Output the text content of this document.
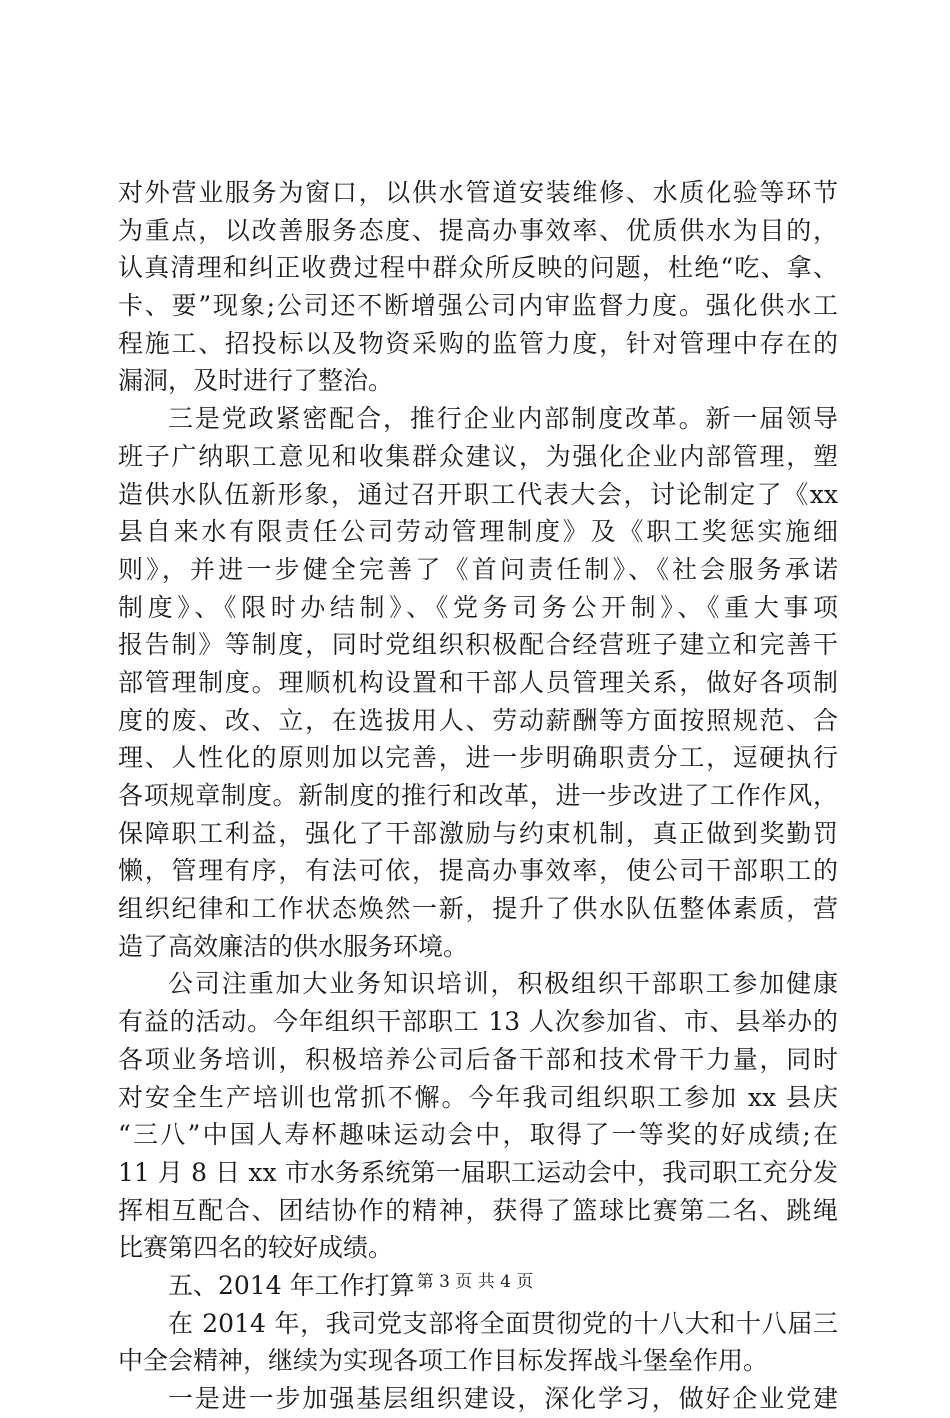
对外营业服务为窗口，以供水管道安装维修、水质化验等环节
为重点，以改善服务态度、提高办事效率、优质供水为目的，
认真清理和纠正收费过程中群众所反映的问题，杜绝“吃、拿、
卡、要”现象;公司还不断增强公司内审监督力度。强化供水工
程施工、招投标以及物资采购的监管力度，针对管理中存在的
漏洞，及时进行了整治。
三是党政紧密配合，推行企业内部制度改革。新一届领导
班子广纳职工意见和收集群众建议，为强化企业内部管理，塑
造供水队伍新形象，通过召开职工代表大会，讨论制定了《xx
县自来水有限责任公司劳动管理制度》及《职工奖惩实施细
则》，并进一步健全完善了《首问责任制》、《社会服务承诺
制度》、《限时办结制》、《党务司务公开制》、《重大事项
报告制》等制度，同时党组织积极配合经营班子建立和完善干
部管理制度。理顺机构设置和干部人员管理关系，做好各项制
度的废、改、立，在选拔用人、劳动薪酬等方面按照规范、合
理、人性化的原则加以完善，进一步明确职责分工，逗硬执行
各项规章制度。新制度的推行和改革，进一步改进了工作作风，
保障职工利益，强化了干部激励与约束机制，真正做到奖勤罚
懒，管理有序，有法可依，提高办事效率，使公司干部职工的
组织纪律和工作状态焕然一新，提升了供水队伍整体素质，营
造了高效廉洁的供水服务环境。
公司注重加大业务知识培训，积极组织干部职工参加健康
有益的活动。今年组织干部职工 13 人次参加省、市、县举办的
各项业务培训，积极培养公司后备干部和技术骨干力量，同时
对安全生产培训也常抓不懈。今年我司组织职工参加 xx 县庆
“三八”中国人寿杯趣味运动会中，取得了一等奖的好成绩;在
11 月 8 日 xx 市水务系统第一届职工运动会中，我司职工充分发
挥相互配合、团结协作的精神，获得了篮球比赛第二名、跳绳
比赛第四名的较好成绩。
五、2014 年工作打算
在 2014 年，我司党支部将全面贯彻党的十八大和十八届三
中全会精神，继续为实现各项工作目标发挥战斗堡垒作用。
一是进一步加强基层组织建设，深化学习，做好企业党建
第 3 页 共 4 页
